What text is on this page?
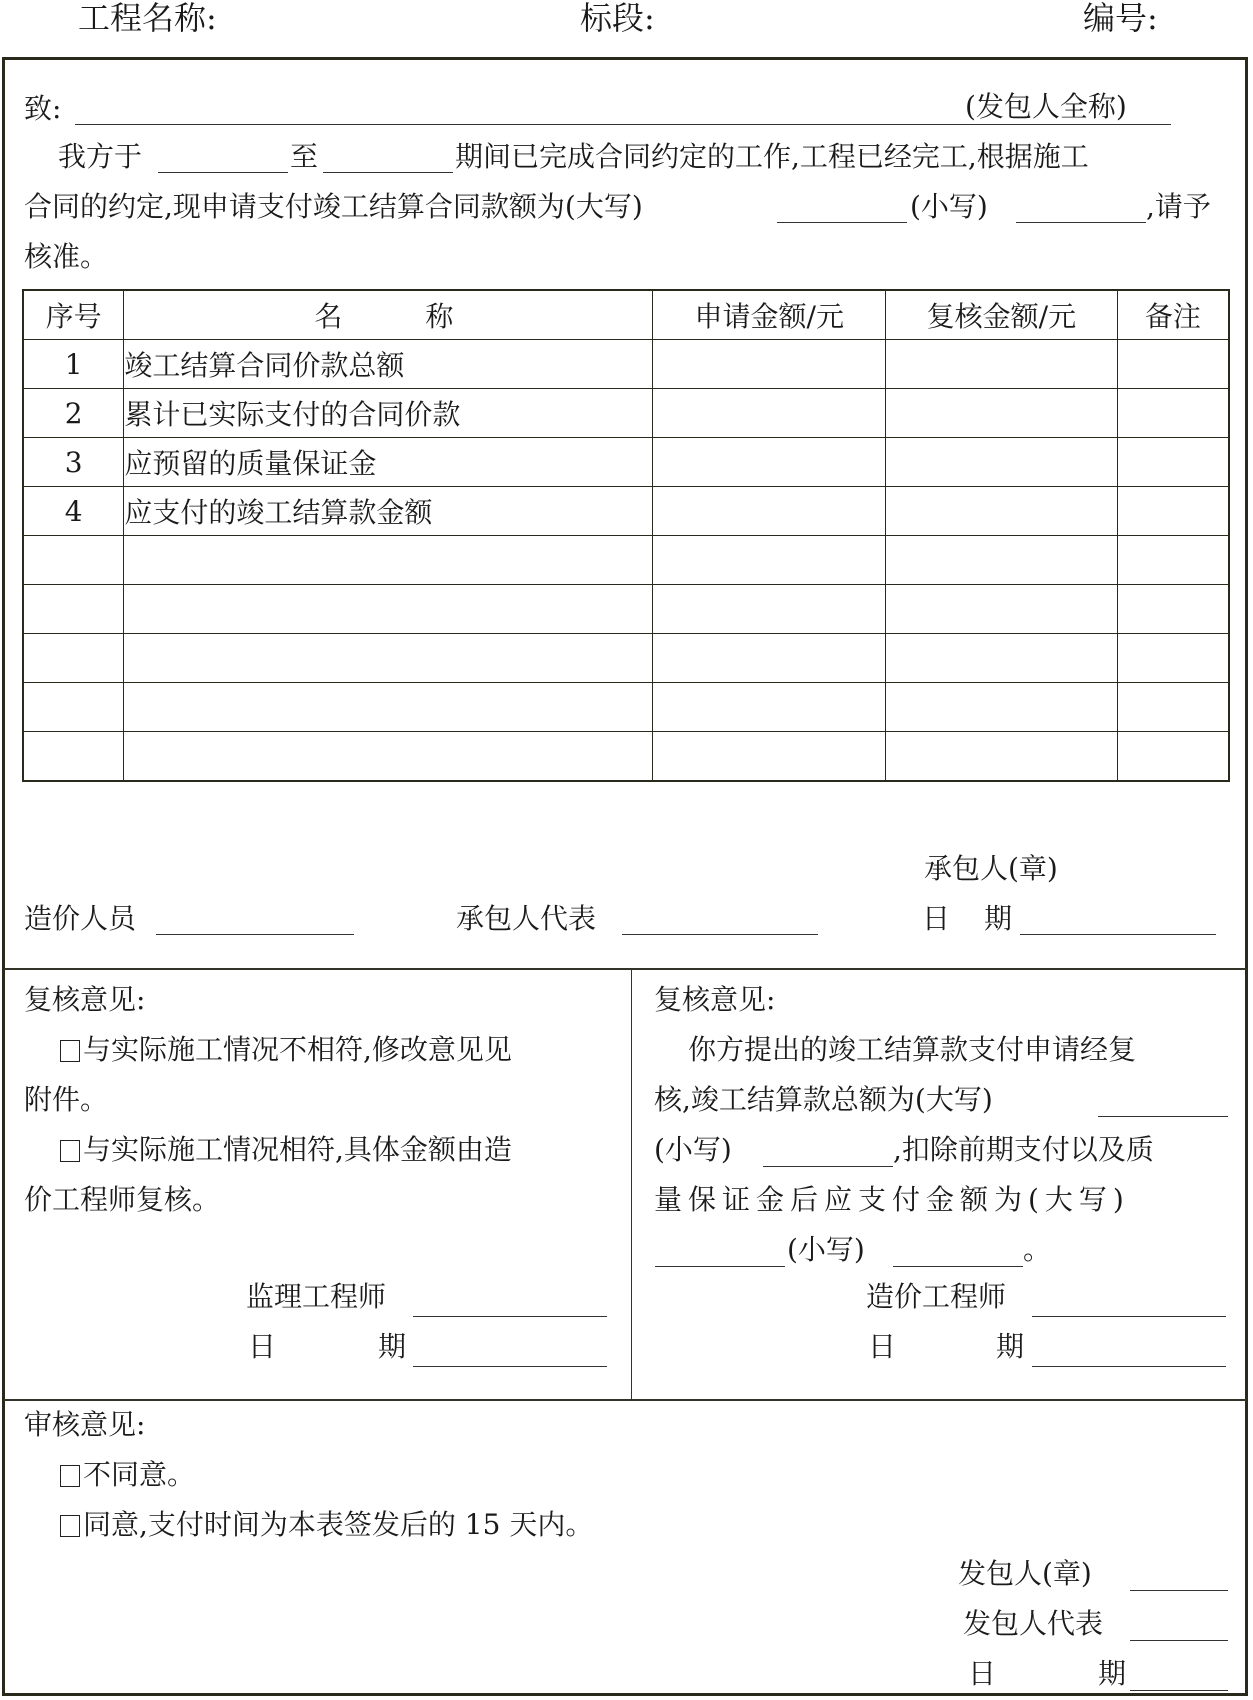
工程名称:	标段:	编号:
致:	(发包人全称)
我方于	至	期间已完成合同约定的工作,工程已经完工,根据施工
合同的约定,现申请支付竣工结算合同款额为(大写)	(小写)	,请予
核准。
序号	名　　称	申请金额/元	复核金额/元	备注
1	竣工结算合同价款总额			
2	累计已实际支付的合同价款			
3	应预留的质量保证金			
4	应支付的竣工结算款金额			

承包人(章)
造价人员	承包人代表	日 期
复核意见:
与实际施工情况不相符,修改意见见
附件。
与实际施工情况相符,具体金额由造
价工程师复核。
监理工程师
日	期
复核意见:
你方提出的竣工结算款支付申请经复
核,竣工结算款总额为(大写)
(小写)	,扣除前期支付以及质
量保证金后应支付金额为(大写)
(小写)	。
造价工程师
日	期
审核意见:
不同意。
同意,支付时间为本表签发后的 15 天内。
发包人(章)
发包人代表
日	期
